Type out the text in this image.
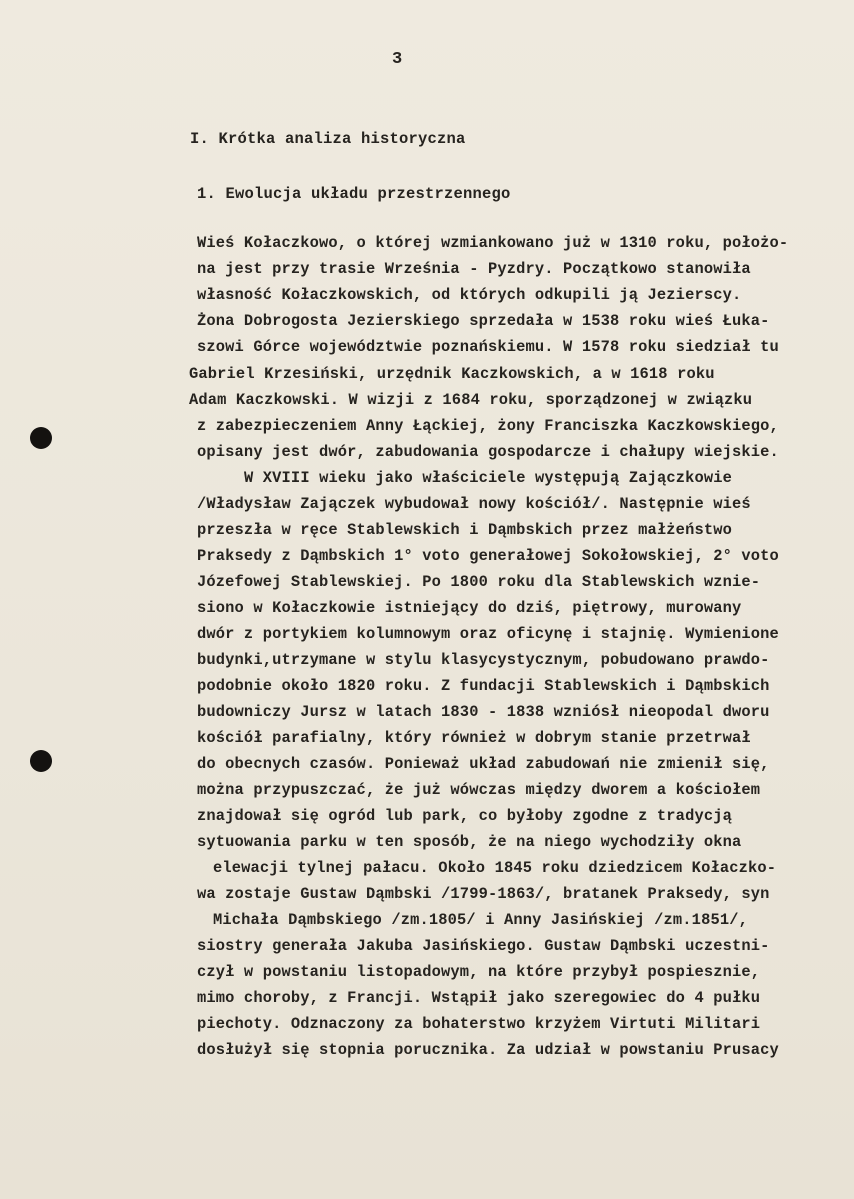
3
I. Krótka analiza historyczna
1. Ewolucja układu przestrzennego
Wieś Kołaczkowo, o której wzmiankowano już w 1310 roku, położo-
na jest przy trasie Września - Pyzdry. Początkowo stanowiła
własność Kołaczkowskich, od których odkupili ją Jezierscy.
Żona Dobrogosta Jezierskiego sprzedała w 1538 roku wieś Łuka-
szowi Górce województwie poznańskiemu. W 1578 roku siedział tu
Gabriel Krzesiński, urzędnik Kaczkowskich, a w 1618 roku
Adam Kaczkowski. W wizji z 1684 roku, sporządzonej w związku
z zabezpieczeniem Anny Łąckiej, żony Franciszka Kaczkowskiego,
opisany jest dwór, zabudowania gospodarcze i chałupy wiejskie.
W XVIII wieku jako właściciele występują Zajączkowie
/Władysław Zajączek wybudował nowy kościół/. Następnie wieś
przeszła w ręce Stablewskich i Dąmbskich przez małżeństwo
Praksedy z Dąmbskich 1° voto generałowej Sokołowskiej, 2° voto
Józefowej Stablewskiej. Po 1800 roku dla Stablewskich wznie-
siono w Kołaczkowie istniejący do dziś, piętrowy, murowany
dwór z portykiem kolumnowym oraz oficynę i stajnię. Wymienione
budynki,utrzymane w stylu klasycystycznym, pobudowano prawdo-
podobnie około 1820 roku. Z fundacji Stablewskich i Dąmbskich
budowniczy Jursz w latach 1830 - 1838 wzniósł nieopodal dworu
kościół parafialny, który również w dobrym stanie przetrwał
do obecnych czasów. Ponieważ układ zabudowań nie zmienił się,
można przypuszczać, że już wówczas między dworem a kościołem
znajdował się ogród lub park, co byłoby zgodne z tradycją
sytuowania parku w ten sposób, że na niego wychodziły okna
elewacji tylnej pałacu. Około 1845 roku dziedzicem Kołaczko-
wa zostaje Gustaw Dąmbski /1799-1863/, bratanek Praksedy, syn
Michała Dąmbskiego /zm.1805/ i Anny Jasińskiej /zm.1851/,
siostry generała Jakuba Jasińskiego. Gustaw Dąmbski uczestni-
czył w powstaniu listopadowym, na które przybył pospiesznie,
mimo choroby, z Francji. Wstąpił jako szeregowiec do 4 pułku
piechoty. Odznaczony za bohaterstwo krzyżem Virtuti Militari
dosłużył się stopnia porucznika. Za udział w powstaniu Prusacy
